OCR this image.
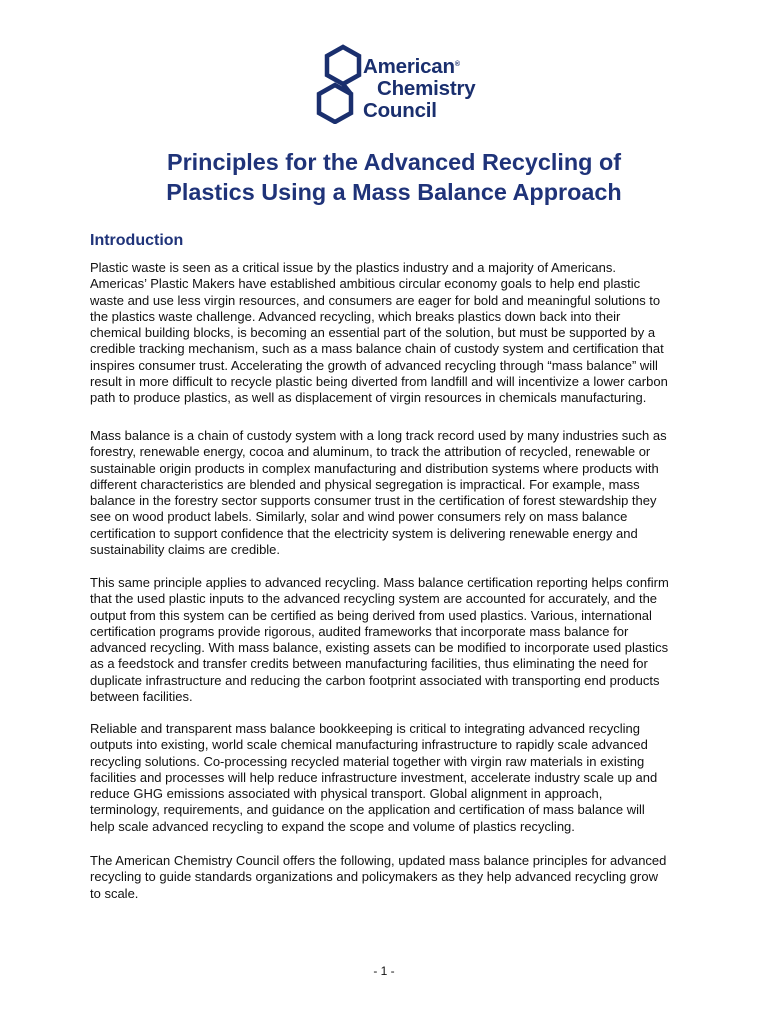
American®
Chemistry
Council
Principles for the Advanced Recycling of
Plastics Using a Mass Balance Approach
Introduction

Plastic waste is seen as a critical issue by the plastics industry and a majority of Americans.
Americas’ Plastic Makers have established ambitious circular economy goals to help end plastic
waste and use less virgin resources, and consumers are eager for bold and meaningful solutions to
the plastics waste challenge. Advanced recycling, which breaks plastics down back into their
chemical building blocks, is becoming an essential part of the solution, but must be supported by a
credible tracking mechanism, such as a mass balance chain of custody system and certification that
inspires consumer trust. Accelerating the growth of advanced recycling through “mass balance” will
result in more difficult to recycle plastic being diverted from landfill and will incentivize a lower carbon
path to produce plastics, as well as displacement of virgin resources in chemicals manufacturing.

Mass balance is a chain of custody system with a long track record used by many industries such as
forestry, renewable energy, cocoa and aluminum, to track the attribution of recycled, renewable or
sustainable origin products in complex manufacturing and distribution systems where products with
different characteristics are blended and physical segregation is impractical. For example, mass
balance in the forestry sector supports consumer trust in the certification of forest stewardship they
see on wood product labels. Similarly, solar and wind power consumers rely on mass balance
certification to support confidence that the electricity system is delivering renewable energy and
sustainability claims are credible.

This same principle applies to advanced recycling. Mass balance certification reporting helps confirm
that the used plastic inputs to the advanced recycling system are accounted for accurately, and the
output from this system can be certified as being derived from used plastics. Various, international
certification programs provide rigorous, audited frameworks that incorporate mass balance for
advanced recycling. With mass balance, existing assets can be modified to incorporate used plastics
as a feedstock and transfer credits between manufacturing facilities, thus eliminating the need for
duplicate infrastructure and reducing the carbon footprint associated with transporting end products
between facilities.

Reliable and transparent mass balance bookkeeping is critical to integrating advanced recycling
outputs into existing, world scale chemical manufacturing infrastructure to rapidly scale advanced
recycling solutions. Co-processing recycled material together with virgin raw materials in existing
facilities and processes will help reduce infrastructure investment, accelerate industry scale up and
reduce GHG emissions associated with physical transport. Global alignment in approach,
terminology, requirements, and guidance on the application and certification of mass balance will
help scale advanced recycling to expand the scope and volume of plastics recycling.

The American Chemistry Council offers the following, updated mass balance principles for advanced
recycling to guide standards organizations and policymakers as they help advanced recycling grow
to scale.

- 1 -
